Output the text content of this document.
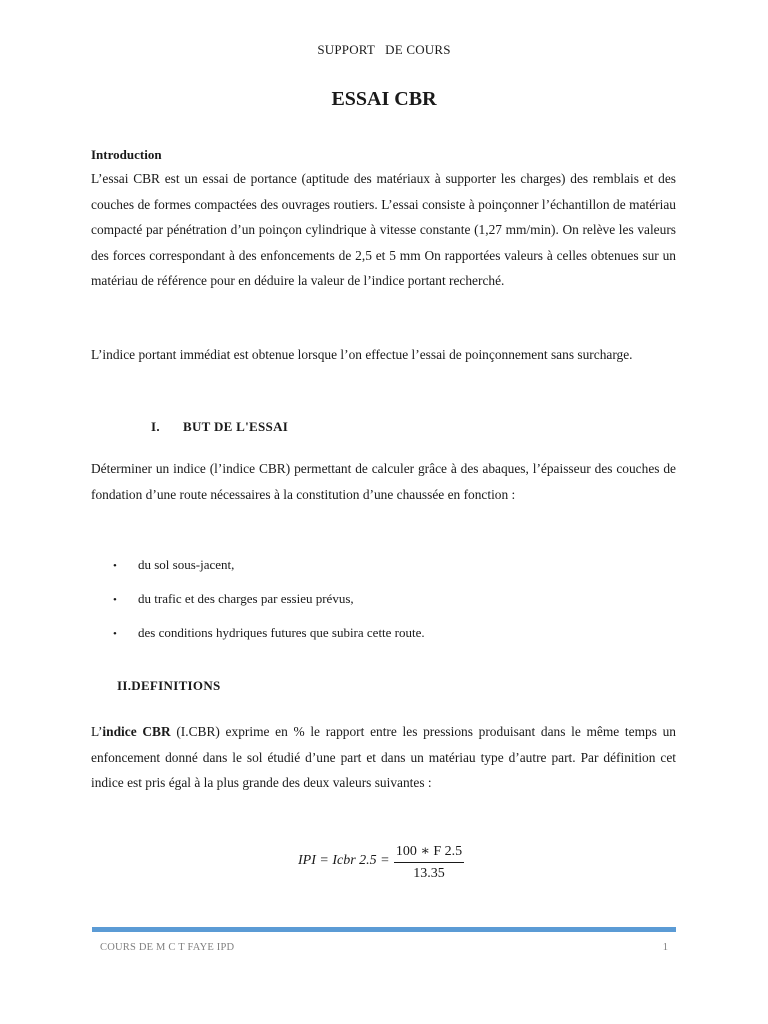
SUPPORT   DE COURS
ESSAI CBR
Introduction
L’essai CBR est un essai de portance (aptitude des matériaux à supporter les charges) des remblais et des couches de formes compactées des ouvrages routiers. L’essai consiste à poinçonner l’échantillon de matériau compacté par pénétration d’un poinçon cylindrique à vitesse constante (1,27 mm/min). On relève les valeurs des forces correspondant à des enfoncements de 2,5 et 5 mm On rapportées valeurs à celles obtenues sur un matériau de référence pour en déduire la valeur de l’indice portant recherché.
L’indice portant immédiat est obtenue lorsque l’on effectue l’essai de poinçonnement sans surcharge.
I. BUT DE L'ESSAI
Déterminer un indice (l’indice CBR) permettant de calculer grâce à des abaques, l’épaisseur des couches de fondation d’une route nécessaires à la constitution d’une chaussée en fonction :
• du sol sous-jacent,
• du trafic et des charges par essieu prévus,
• des conditions hydriques futures que subira cette route.
II.DEFINITIONS
L’indice CBR (I.CBR) exprime en % le rapport entre les pressions produisant dans le même temps un enfoncement donné dans le sol étudié d’une part et dans un matériau type d’autre part. Par définition cet indice est pris égal à la plus grande des deux valeurs suivantes :
IPI = Icbr 2.5 =
100 ∗ F 2.5
13.35
COURS DE M C T FAYE IPD	1
